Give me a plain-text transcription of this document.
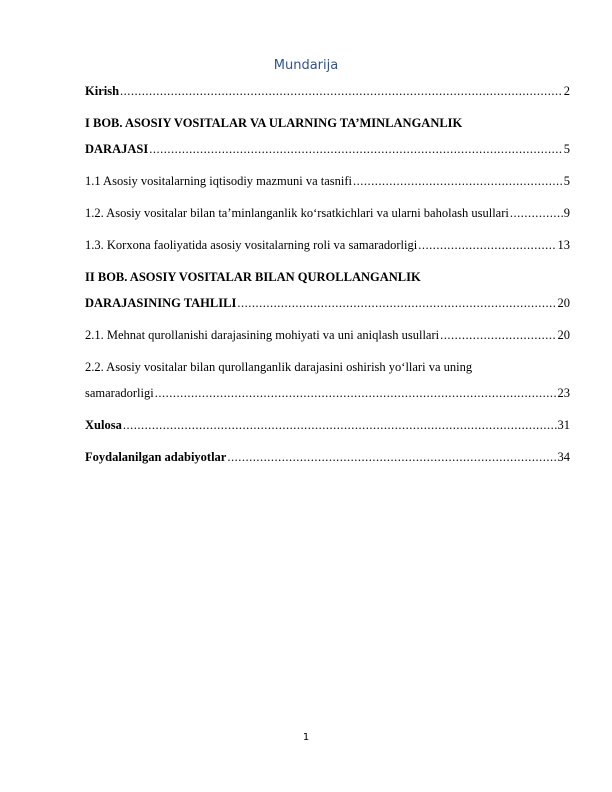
Mundarija
Kirish .....	2
I BOB. ASOSIY VOSITALAR VA ULARNING TA’MINLANGANLIK
DARAJASI .....	5
1.1 Asosiy vositalarning iqtisodiy mazmuni va tasnifi .....	5
1.2. Asosiy vositalar bilan ta’minlanganlik ko‘rsatkichlari va ularni baholash usullari .....	9
1.3. Korxona faoliyatida asosiy vositalarning roli va samaradorligi .....	13
II BOB. ASOSIY VOSITALAR BILAN QUROLLANGANLIK
DARAJASINING TAHLILI .....	20
2.1. Mehnat qurollanishi darajasining mohiyati va uni aniqlash usullari .....	20
2.2. Asosiy vositalar bilan qurollanganlik darajasini oshirish yo‘llari va uning
samaradorligi .....	23
Xulosa .....	31
Foydalanilgan adabiyotlar .....	34
1
